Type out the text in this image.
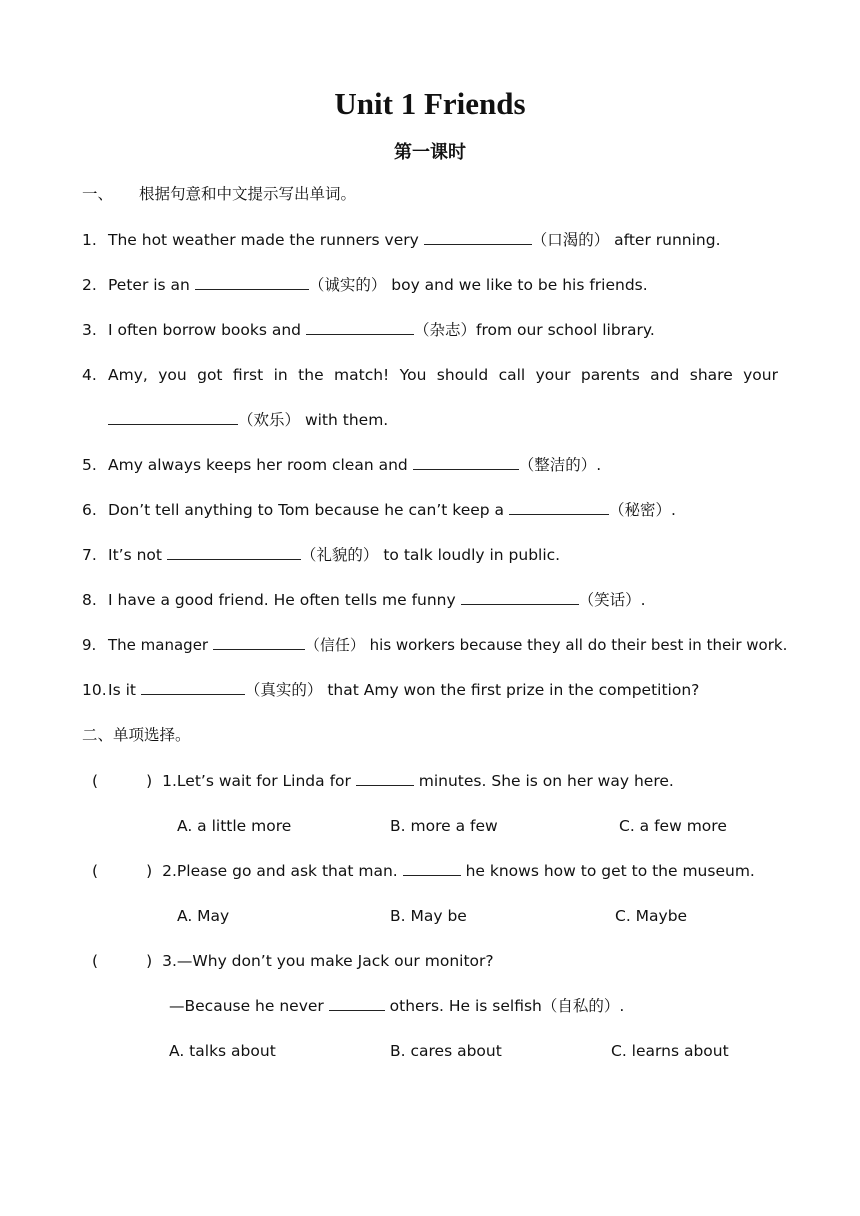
Unit 1 Friends
第一课时
一、 根据句意和中文提示写出单词。
1. The hot weather made the runners very	（口渴的） after running.
2. Peter is an	（诚实的） boy and we like to be his friends.
3. I often borrow books and	（杂志）from our school library.
4. Amy, you got first in the match! You should call your parents and share your
（欢乐） with them.
5. Amy always keeps her room clean and	（整洁的）.
6. Don’t tell anything to Tom because he can’t keep a	（秘密）.
7. It’s not	（礼貌的） to talk loudly in public.
8. I have a good friend. He often tells me funny	（笑话）.
9. The manager	（信任） his workers because they all do their best in their work.
10.Is it	（真实的） that Amy won the first prize in the competition?
二、单项选择。
(	) 1.Let’s wait for Linda for	minutes. She is on her way here.
A. a little more	B. more a few	C. a few more
(	) 2.Please go and ask that man.	he knows how to get to the museum.
A. May	B. May be	C. Maybe
(	) 3.—Why don’t you make Jack our monitor?
—Because he never	others. He is selfish（自私的）.
A. talks about	B. cares about	C. learns about
